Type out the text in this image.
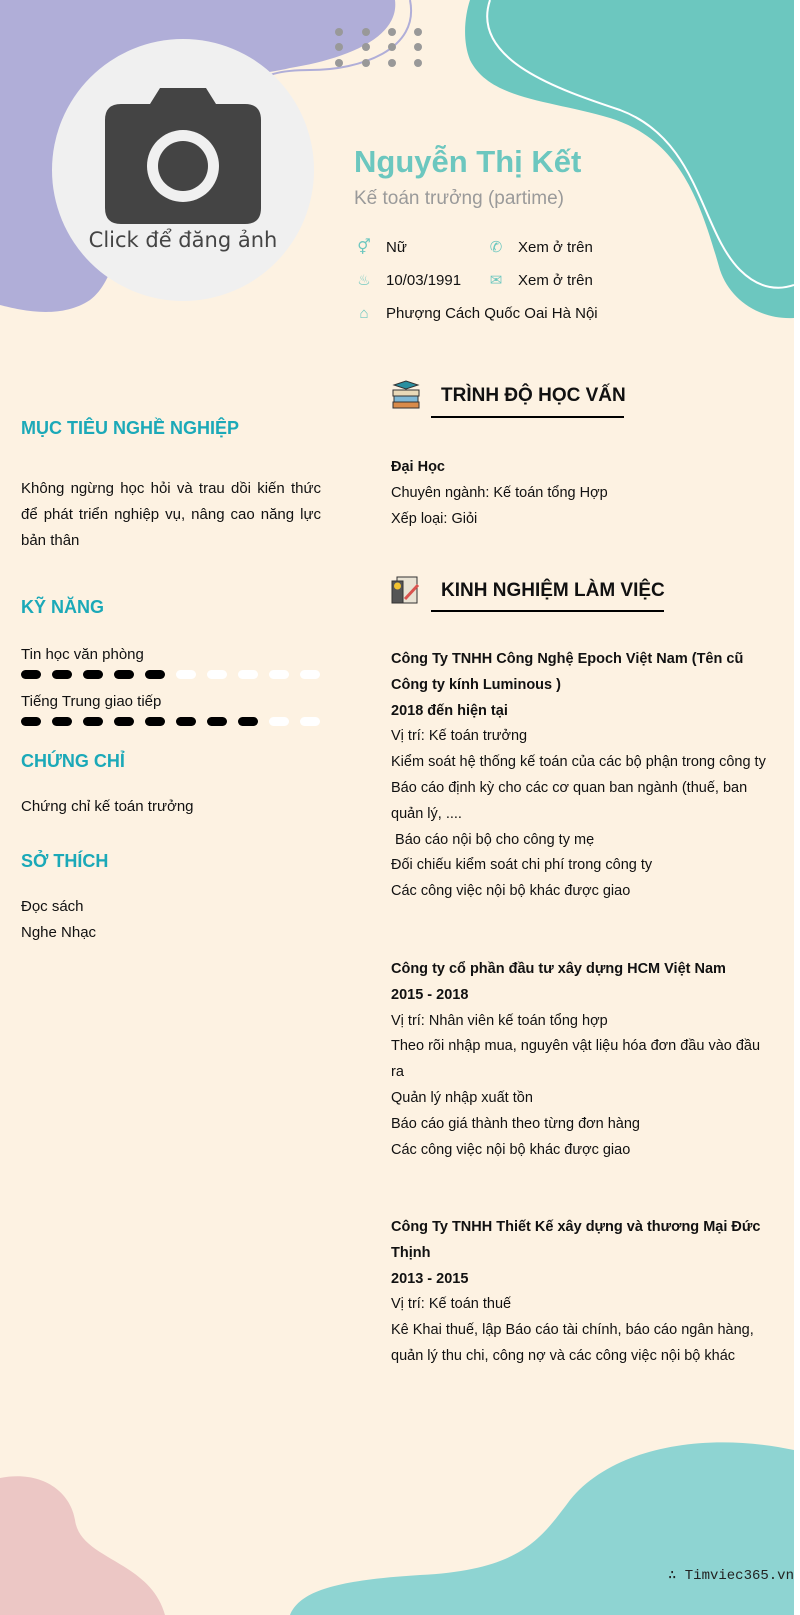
Click để đăng ảnh
Nguyễn Thị Kết
Kế toán trưởng (partime)
⚥ Nữ	✆ Xem ở trên
♨ 10/03/1991 ✉ Xem ở trên
⌂	Phượng Cách Quốc Oai Hà Nội
MỤC TIÊU NGHỀ NGHIỆP
Không ngừng học hỏi và trau dồi kiến thức để phát triển nghiệp vụ, nâng cao năng lực bản thân
KỸ NĂNG
Tin học văn phòng
Tiếng Trung giao tiếp
CHỨNG CHỈ
Chứng chỉ kế toán trưởng
SỞ THÍCH
Đọc sách
Nghe Nhạc
TRÌNH ĐỘ HỌC VẤN
Đại Học
Chuyên ngành: Kế toán tổng Hợp
Xếp loại: Giỏi
KINH NGHIỆM LÀM VIỆC
Công Ty TNHH Công Nghệ Epoch Việt Nam (Tên cũ Công ty kính Luminous )
2018 đến hiện tại
Vị trí: Kế toán trưởng
Kiểm soát hệ thống kế toán của các bộ phận trong công ty
Báo cáo định kỳ cho các cơ quan ban ngành (thuế, ban quản lý, ....
Báo cáo nội bộ cho công ty mẹ
Đối chiếu kiểm soát chi phí trong công ty
Các công việc nội bộ khác được giao
Công ty cổ phần đầu tư xây dựng HCM Việt Nam
2015 - 2018
Vị trí: Nhân viên kế toán tổng hợp
Theo rõi nhập mua, nguyên vật liệu hóa đơn đầu vào đầu ra
Quản lý nhập xuất tồn
Báo cáo giá thành theo từng đơn hàng
Các công việc nội bộ khác được giao
Công Ty TNHH Thiết Kế xây dựng và thương Mại Đức Thịnh
2013 - 2015
Vị trí: Kế toán thuế
Kê Khai thuế, lập Báo cáo tài chính, báo cáo ngân hàng, quản lý thu chi, công nợ và các công việc nội bộ khác
∴ Timviec365.vn
